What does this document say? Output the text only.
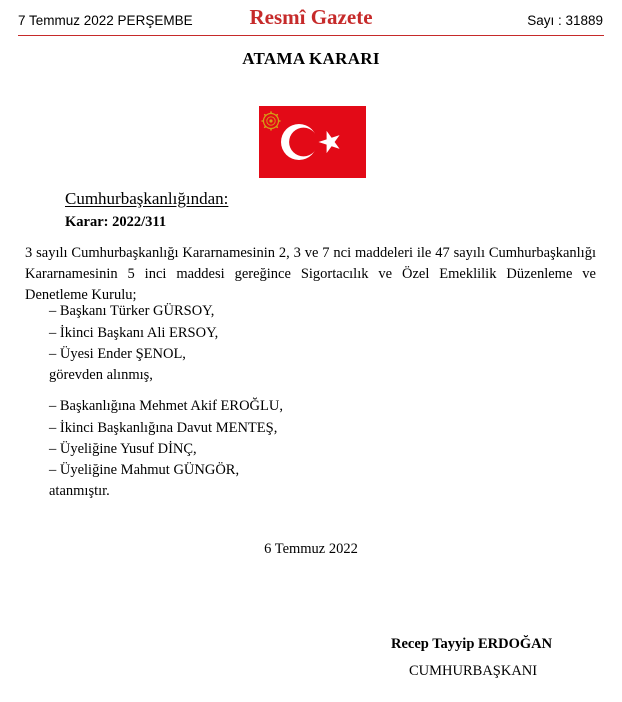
7 Temmuz 2022 PERŞEMBE	Resmî Gazete	Sayı : 31889
ATAMA KARARI
Cumhurbaşkanlığından:
Karar: 2022/311

3 sayılı Cumhurbaşkanlığı Kararnamesinin 2, 3 ve 7 nci maddeleri ile 47 sayılı Cumhurbaşkanlığı Kararnamesinin 5 inci maddesi gereğince Sigortacılık ve Özel Emeklilik Düzenleme ve Denetleme Kurulu;

– Başkanı Türker GÜRSOY,
– İkinci Başkanı Ali ERSOY,
– Üyesi Ender ŞENOL,
görevden alınmış,
– Başkanlığına Mehmet Akif EROĞLU,
– İkinci Başkanlığına Davut MENTEŞ,
– Üyeliğine Yusuf DİNÇ,
– Üyeliğine Mahmut GÜNGÖR,
atanmıştır.
6 Temmuz 2022
Recep Tayyip ERDOĞAN
CUMHURBAŞKANI
